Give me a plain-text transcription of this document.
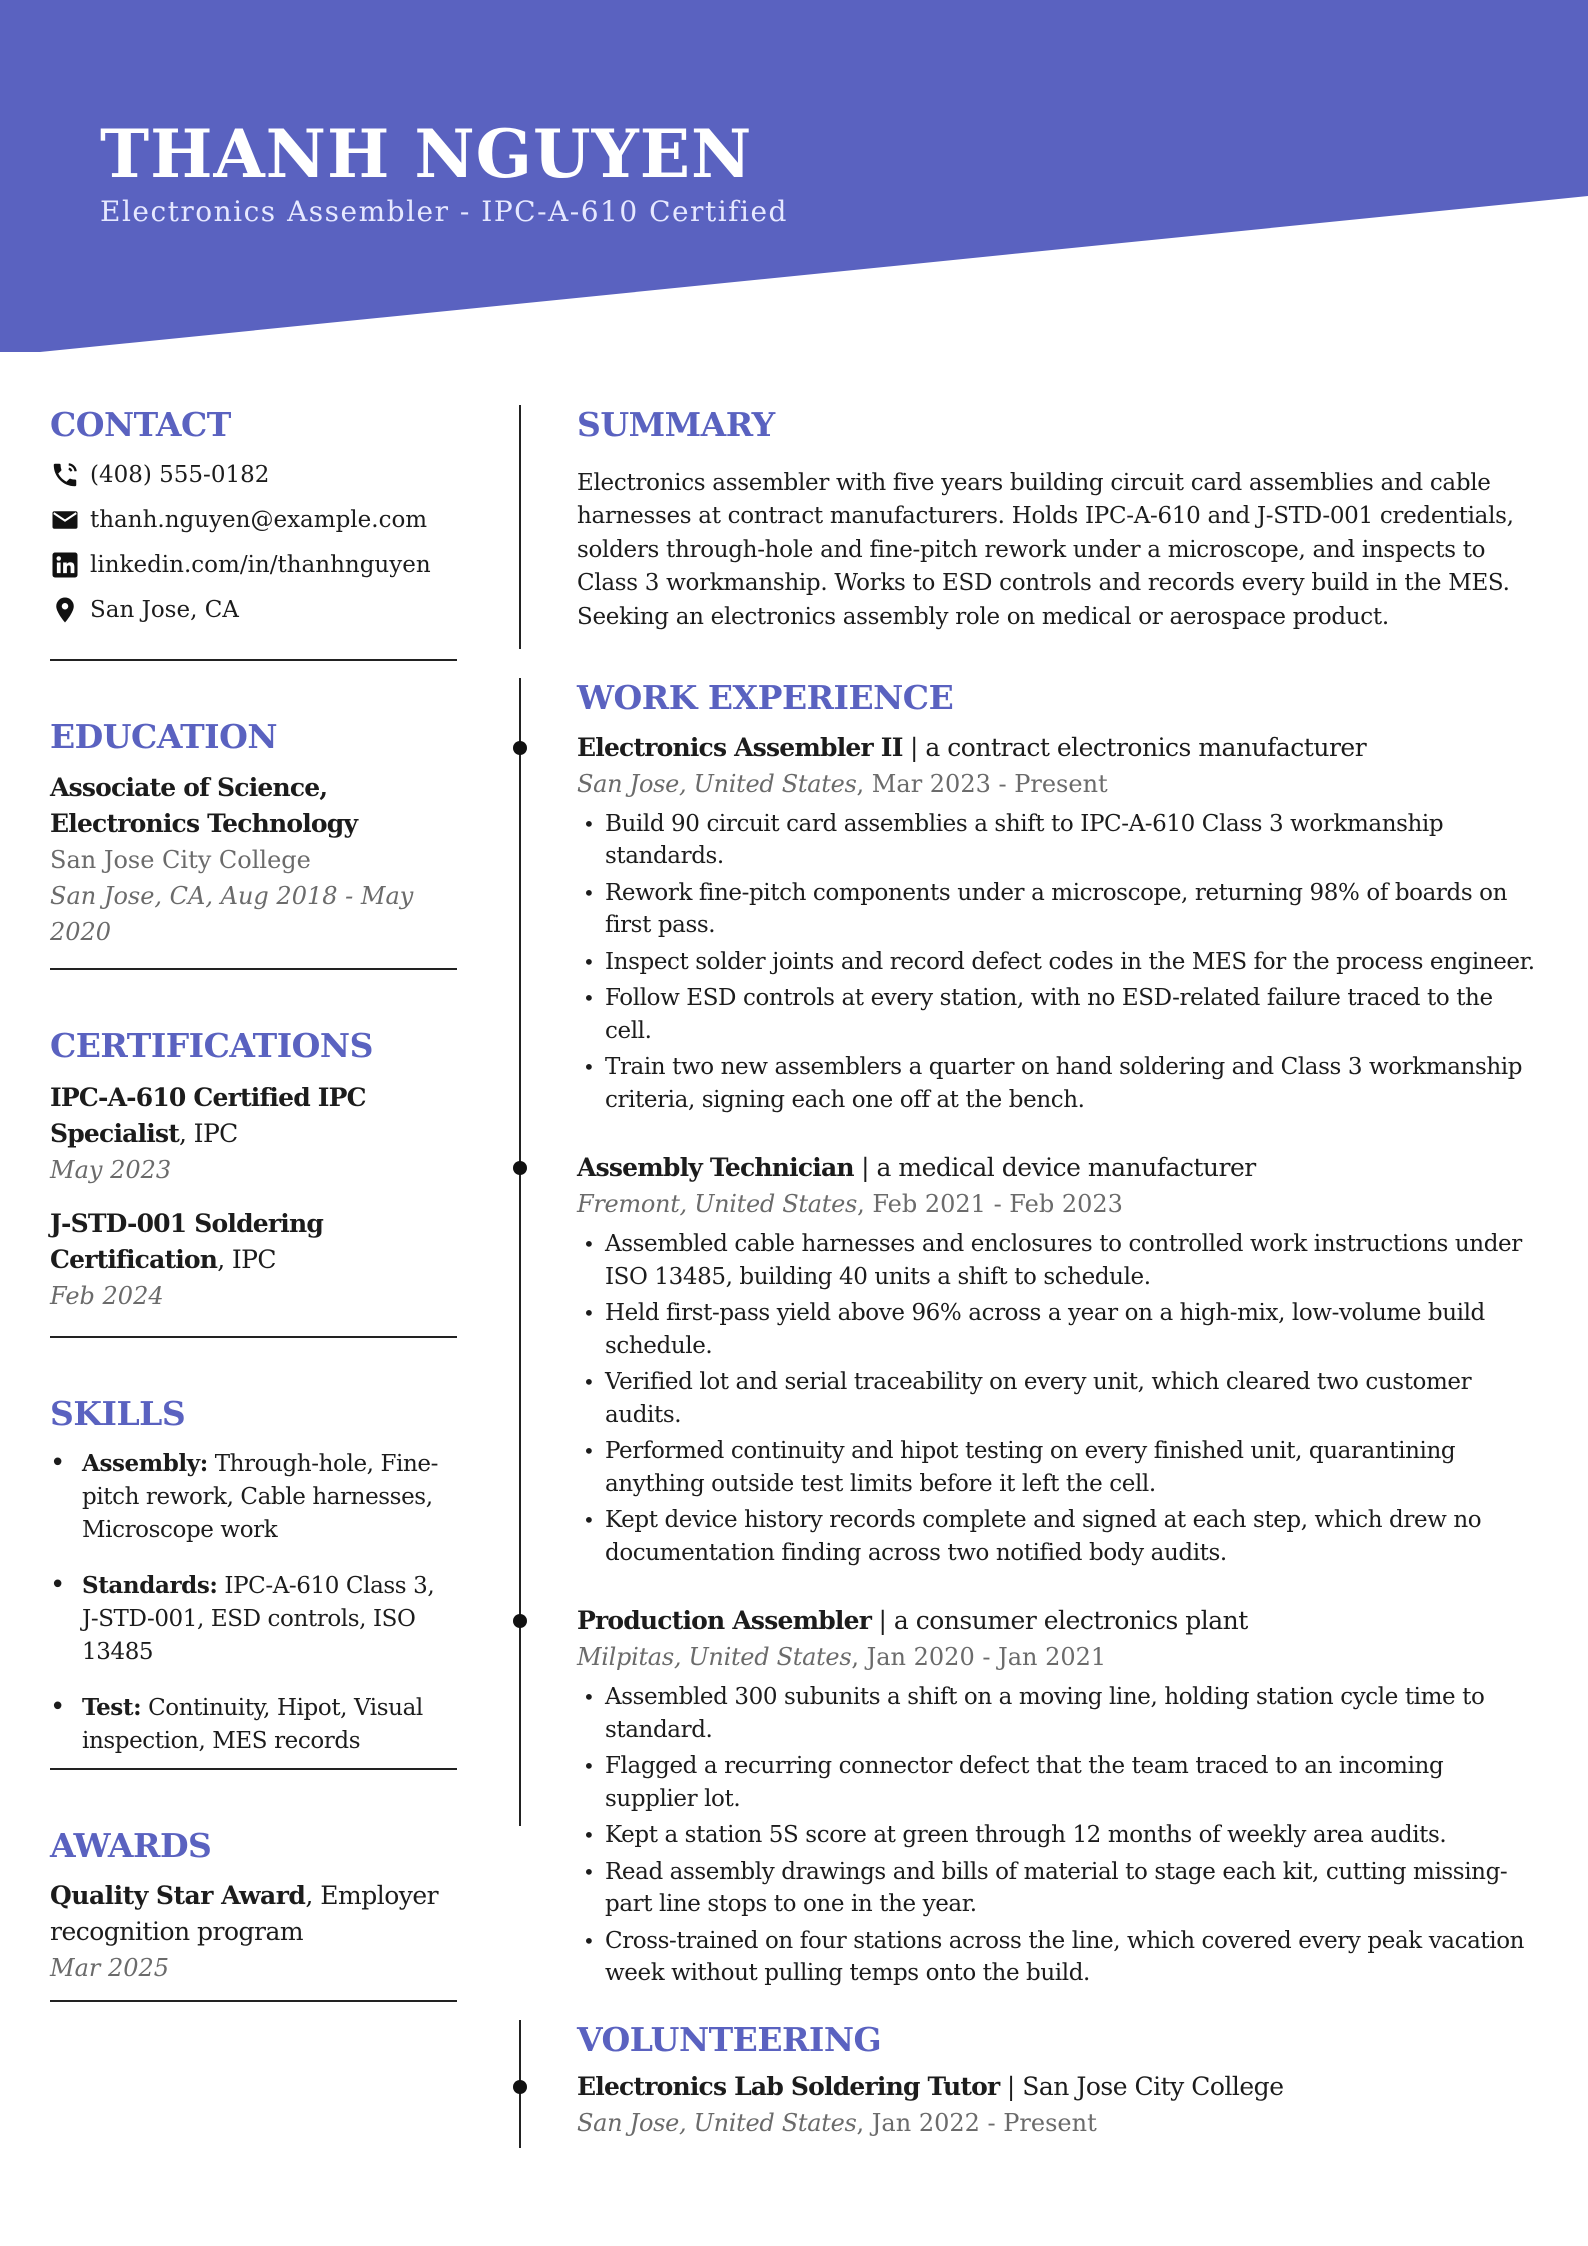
THANH NGUYEN
Electronics Assembler - IPC-A-610 Certified
CONTACT
(408) 555-0182
thanh.nguyen@example.com
linkedin.com/in/thanhnguyen
San Jose, CA
EDUCATION
Associate of Science, Electronics Technology
San Jose City College
San Jose, CA, Aug 2018 - May 2020
CERTIFICATIONS
IPC-A-610 Certified IPC Specialist, IPC
May 2023
J-STD-001 Soldering Certification, IPC
Feb 2024
SKILLS
• Assembly: Through-hole, Fine-pitch rework, Cable harnesses, Microscope work
• Standards: IPC-A-610 Class 3, J-STD-001, ESD controls, ISO 13485
• Test: Continuity, Hipot, Visual inspection, MES records
AWARDS
Quality Star Award, Employer recognition program
Mar 2025
SUMMARY
Electronics assembler with five years building circuit card assemblies and cable harnesses at contract manufacturers. Holds IPC-A-610 and J-STD-001 credentials, solders through-hole and fine-pitch rework under a microscope, and inspects to Class 3 workmanship. Works to ESD controls and records every build in the MES. Seeking an electronics assembly role on medical or aerospace product.
WORK EXPERIENCE
Electronics Assembler II | a contract electronics manufacturer
San Jose, United States, Mar 2023 - Present
• Build 90 circuit card assemblies a shift to IPC-A-610 Class 3 workmanship standards.
• Rework fine-pitch components under a microscope, returning 98% of boards on first pass.
• Inspect solder joints and record defect codes in the MES for the process engineer.
• Follow ESD controls at every station, with no ESD-related failure traced to the cell.
• Train two new assemblers a quarter on hand soldering and Class 3 workmanship criteria, signing each one off at the bench.
Assembly Technician | a medical device manufacturer
Fremont, United States, Feb 2021 - Feb 2023
• Assembled cable harnesses and enclosures to controlled work instructions under ISO 13485, building 40 units a shift to schedule.
• Held first-pass yield above 96% across a year on a high-mix, low-volume build schedule.
• Verified lot and serial traceability on every unit, which cleared two customer audits.
• Performed continuity and hipot testing on every finished unit, quarantining anything outside test limits before it left the cell.
• Kept device history records complete and signed at each step, which drew no documentation finding across two notified body audits.
Production Assembler | a consumer electronics plant
Milpitas, United States, Jan 2020 - Jan 2021
• Assembled 300 subunits a shift on a moving line, holding station cycle time to standard.
• Flagged a recurring connector defect that the team traced to an incoming supplier lot.
• Kept a station 5S score at green through 12 months of weekly area audits.
• Read assembly drawings and bills of material to stage each kit, cutting missing-part line stops to one in the year.
• Cross-trained on four stations across the line, which covered every peak vacation week without pulling temps onto the build.
VOLUNTEERING
Electronics Lab Soldering Tutor | San Jose City College
San Jose, United States, Jan 2022 - Present
